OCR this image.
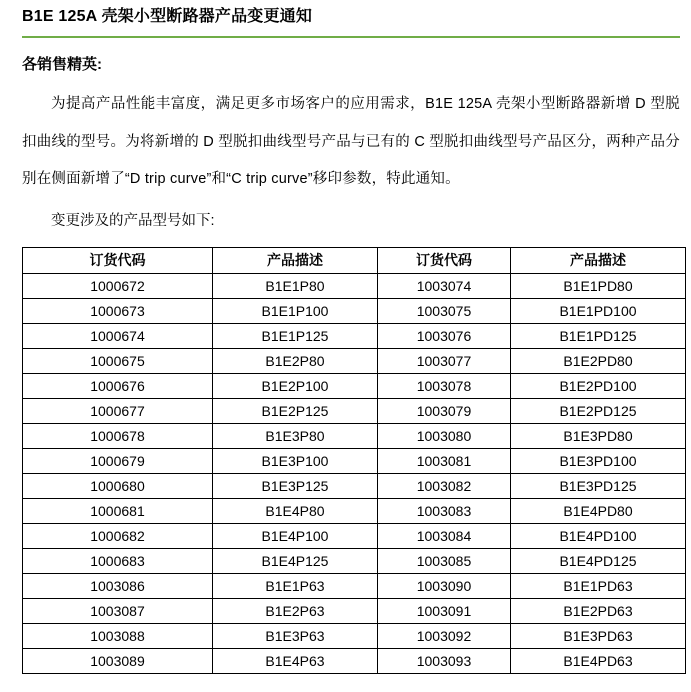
B1E 125A 壳架小型断路器产品变更通知
各销售精英:

为提高产品性能丰富度，满足更多市场客户的应用需求，B1E 125A 壳架小型断路器新增 D 型脱扣曲线的型号。为将新增的 D 型脱扣曲线型号产品与已有的 C 型脱扣曲线型号产品区分，两种产品分别在侧面新增了“D trip curve”和“C trip curve”移印参数，特此通知。

变更涉及的产品型号如下:

订货代码	产品描述	订货代码	产品描述
1000672	B1E1P80	1003074	B1E1PD80
1000673	B1E1P100	1003075	B1E1PD100
1000674	B1E1P125	1003076	B1E1PD125
1000675	B1E2P80	1003077	B1E2PD80
1000676	B1E2P100	1003078	B1E2PD100
1000677	B1E2P125	1003079	B1E2PD125
1000678	B1E3P80	1003080	B1E3PD80
1000679	B1E3P100	1003081	B1E3PD100
1000680	B1E3P125	1003082	B1E3PD125
1000681	B1E4P80	1003083	B1E4PD80
1000682	B1E4P100	1003084	B1E4PD100
1000683	B1E4P125	1003085	B1E4PD125
1003086	B1E1P63	1003090	B1E1PD63
1003087	B1E2P63	1003091	B1E2PD63
1003088	B1E3P63	1003092	B1E3PD63
1003089	B1E4P63	1003093	B1E4PD63
